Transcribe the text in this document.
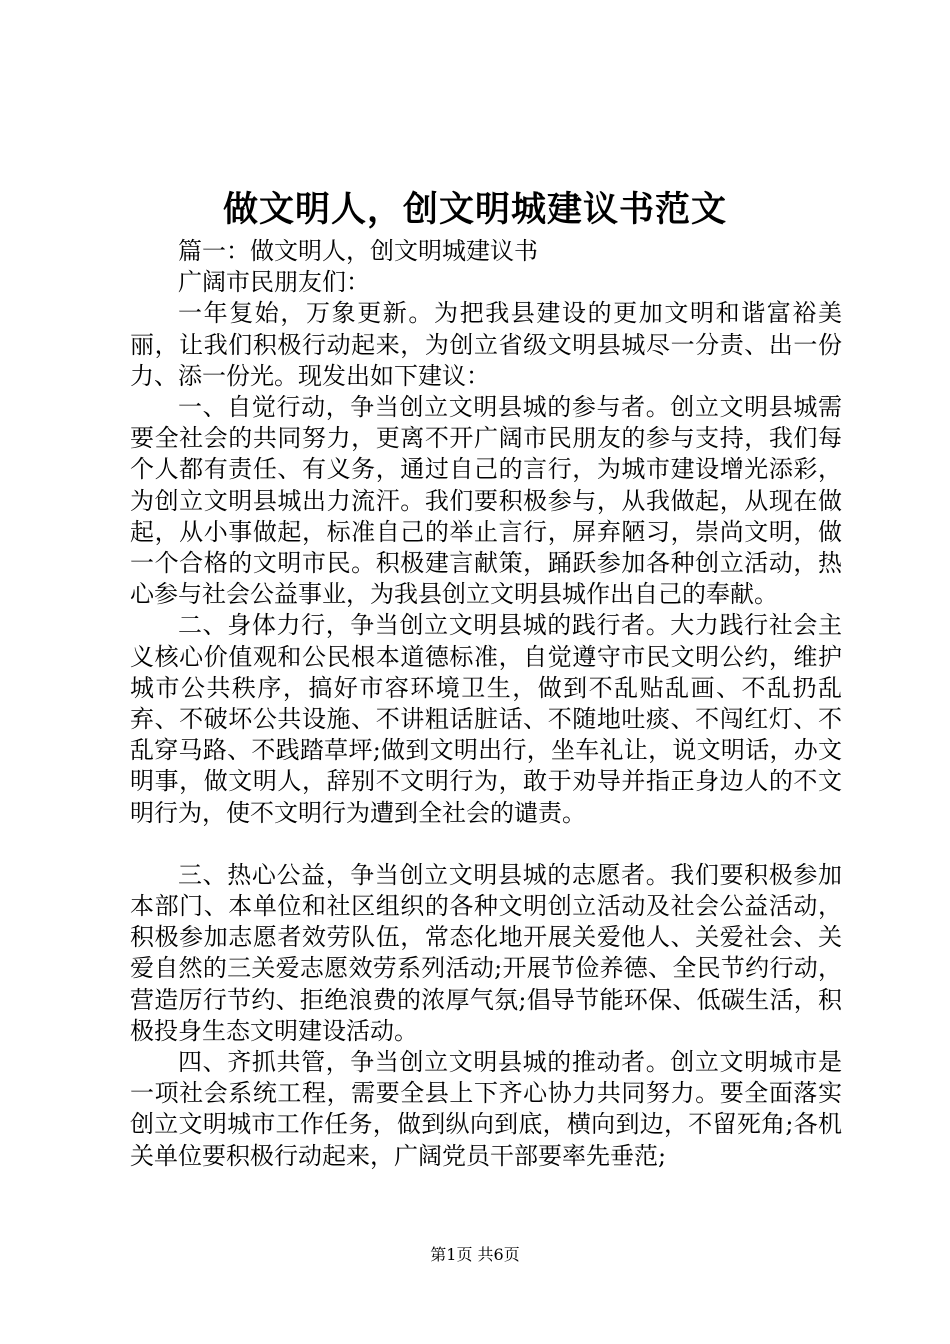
做文明人，创文明城建议书范文

篇一：做文明人，创文明城建议书

广阔市民朋友们：

一年复始，万象更新。为把我县建设的更加文明和谐富裕美丽，让我们积极行动起来，为创立省级文明县城尽一分责、出一份力、添一份光。现发出如下建议：

一、自觉行动，争当创立文明县城的参与者。创立文明县城需要全社会的共同努力，更离不开广阔市民朋友的参与支持，我们每个人都有责任、有义务，通过自己的言行，为城市建设增光添彩，为创立文明县城出力流汗。我们要积极参与，从我做起，从现在做起，从小事做起，标准自己的举止言行，屏弃陋习，崇尚文明，做一个合格的文明市民。积极建言献策，踊跃参加各种创立活动，热心参与社会公益事业，为我县创立文明县城作出自己的奉献。

二、身体力行，争当创立文明县城的践行者。大力践行社会主义核心价值观和公民根本道德标准，自觉遵守市民文明公约，维护城市公共秩序，搞好市容环境卫生，做到不乱贴乱画、不乱扔乱弃、不破坏公共设施、不讲粗话脏话、不随地吐痰、不闯红灯、不乱穿马路、不践踏草坪;做到文明出行，坐车礼让，说文明话，办文明事，做文明人，辞别不文明行为，敢于劝导并指正身边人的不文明行为，使不文明行为遭到全社会的谴责。

三、热心公益，争当创立文明县城的志愿者。我们要积极参加本部门、本单位和社区组织的各种文明创立活动及社会公益活动，积极参加志愿者效劳队伍，常态化地开展关爱他人、关爱社会、关爱自然的三关爱志愿效劳系列活动;开展节俭养德、全民节约行动，营造厉行节约、拒绝浪费的浓厚气氛;倡导节能环保、低碳生活，积极投身生态文明建设活动。

四、齐抓共管，争当创立文明县城的推动者。创立文明城市是一项社会系统工程，需要全县上下齐心协力共同努力。要全面落实创立文明城市工作任务，做到纵向到底，横向到边，不留死角;各机关单位要积极行动起来，广阔党员干部要率先垂范;

第1页 共6页
